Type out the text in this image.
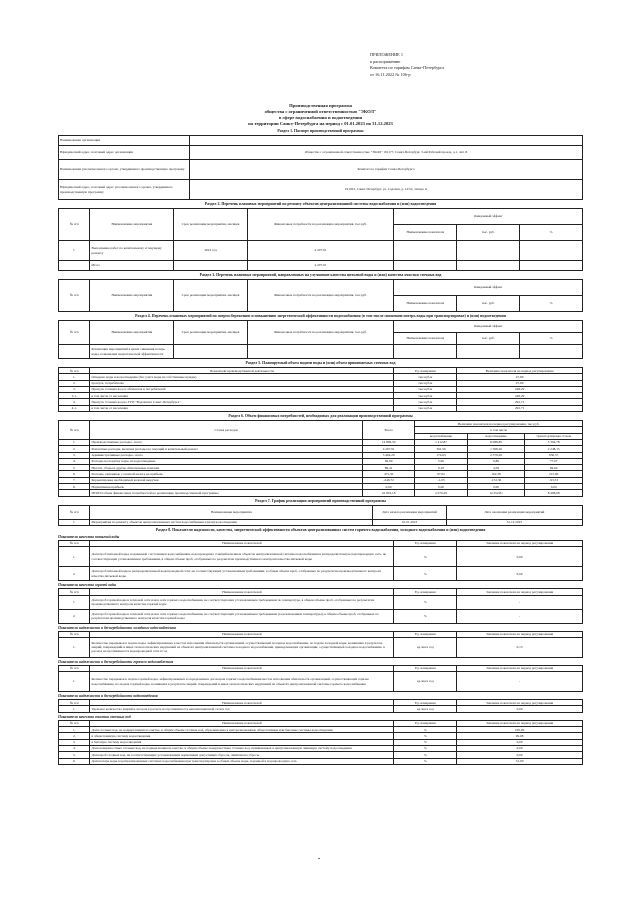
ПРИЛОЖЕНИЕ 1
к распоряжению
Комитета по тарифам Санкт-Петербурга
от 16.11.2022 № 106-р
Производственная программа
общества с ограниченной ответственностью "ЭКОЛ"
в сфере водоснабжения и водоотведения
на территории Санкт-Петербурга на период с 01.01.2023 по 31.12.2023
Раздел 1. Паспорт производственной программы
Наименование организации	
Юридический адрес, почтовый адрес организации	Общество с ограниченной ответственностью "ЭКОЛ" 191177, Санкт-Петербург, 3-ий Рабочий проезд, д.1, лит. Б
Наименование уполномоченного органа, утвердившего производственную программу	Комитет по тарифам Санкт-Петербурга
Юридический адрес, почтовый адрес уполномоченного органа, утвердившего производственную программу	191023, Санкт-Петербург, ул. Садовая, д. 14/52, литера А
Раздел 2. Перечень плановых мероприятий по ремонту объектов централизованной системы водоснабжения и (или) водоотведения
№ п/п	Наименование мероприятия	Срок реализации мероприятия, месяцев	Финансовые потребности на реализацию мероприятия, тыс.руб.	Ожидаемый эффект		
				Наименование показателя	тыс. руб.	%
1.	Выполнение работ по капитальному и текущему ремонту	2023 год	4 207,91			
	Итого		4 207,91			
Раздел 3. Перечень плановых мероприятий, направленных на улучшение качества питьевой воды и (или) качества очистки сточных вод
№ п/п	Наименование мероприятия	Срок реализации мероприятия, месяцев	Финансовые потребности на реализацию мероприятия, тыс.руб.	Ожидаемый эффект		
				Наименование показателя	тыс. руб.	%
Раздел 4. Перечень плановых мероприятий по энергосбережению и повышению энергетической эффективности водоснабжения (в том числе снижению потерь воды при транспортировке) и (или) водоотведения
№ п/п	Наименование мероприятия	Срок реализации мероприятия, месяцев	Финансовые потребности на реализацию мероприятия, тыс.руб.	Ожидаемый эффект		
				Наименование показателя	тыс. руб.	%
	Реализация мероприятий в целях снижения потерь воды, повышения энергетической эффективности					
Раздел 5. Планируемый объем подачи воды и (или) объем принимаемых сточных вод
№ п/п	Показатели производственной деятельности	Ед. измерения	Величина показателя на период регулирования
1.	Отведено воды и водоотведение (без учета воды на собственные нужды)	тыс.куб.м	47,69
2.	пропуск, потребителю	тыс.куб.м	47,69
3.	Пропуск сточных вод от абонентов и потребителей	тыс.куб.м	248,29
3.1.	в том числе от населения	тыс.куб.м	248,29
4.	Пропуск сточных вод на ГУП "Водоканал Санкт-Петербурга"	тыс.куб.м	292,71
4.1.	в том числе от населения	тыс.куб.м	292,71
Раздел 6. Объем финансовых потребностей, необходимых для реализации производственной программы
№ п/п	Статья расходов	Всего	Величина показателя на период регулирования, тыс.руб.		
			в том числе		
			водоснабжение	водоотведение	транспортировка стоков
1.	Производственные расходы - всего	14 806,50	1 412,87	8 088,85	5 304,78
2.	Ремонтные расходы, включая расходы на текущий и капитальный ремонт	4 207,91	391,56	1 568,20	2 248,15
3.	Административные расходы - всего	3 404,29	174,63	2 579,29	650,37
4.	Расходы на покупку воды, на водоотведение	82,99	5,06	0,86	77,07
5.	Налоги, сборы и другие обязательные платежи	89,41	0,18	4,59	84,64
6.	Расходы, связанные с оплатой налога на прибыль	475,30	97,02	162,38	215,90
7.	Корректировка необходимой валовой выручки	-246,72	-1,03	-152,36	-93,33
8.	Нормативная прибыль	0,00	0,00	0,00	0,00
	ИТОГО объем финансовых потребностей на реализацию производственной программы	22 819,18	2 070,29	12 252,81	8 496,08
Раздел 7. График реализации мероприятий производственной программы
№ п/п	Наименование мероприятия	Дата начала реализации мероприятий	Дата окончания реализации мероприятий
1.	Мероприятия по ремонту объектов централизованных систем водоснабжения и (или) водоотведения	01.01.2023	31.12.2023
Раздел 8. Показатели надежности, качества, энергетической эффективности объектов централизованных систем горячего водоснабжения, холодного водоснабжения и (или) водоотведения
Показатели качества питьевой воды
№ п/п	Наименование показателей	Ед. измерения	Значение показателя на период регулирования
1.	Доля проб питьевой воды, подаваемой с источников водоснабжения, водопроводных станций или иных объектов централизованной системы водоснабжения в распределительную водопроводную сеть, не соответствующих установленным требованиям, в общем объеме проб, отобранных по результатам производственного контроля качества питьевой воды	%	0,00
2.	Доля проб питьевой воды в распределительной водопроводной сети, не соответствующих установленным требованиям, в общем объеме проб, отобранных по результатам производственного контроля качества питьевой воды	%	0,00
Показатели качества горячей воды
№ п/п	Наименование показателей	Ед. измерения	Значение показателя на период регулирования
1.	Доля проб горячей воды в тепловой сети или в сети горячего водоснабжения, не соответствующих установленным требованиям по температуре, в общем объеме проб, отобранных по результатам производственного контроля качества горячей воды	%	-
2.	Доля проб горячей воды в тепловой сети или в сети горячего водоснабжения, не соответствующих установленным требованиям (за исключением температуры), в общем объеме проб, отобранных по результатам производственного контроля качества горячей воды	%	-
Показатели надежности и бесперебойности холодного водоснабжения
№ п/п	Наименование показателей	Ед. измерения	Значение показателя на период регулирования
1.	Количество перерывов в подаче воды, зафиксированных в местах исполнения обязательств организацией, осуществляющей холодное водоснабжение, по подаче холодной воды, возникших в результате аварий, повреждений и иных технологических нарушений на объектах централизованной системы холодного водоснабжения, принадлежащих организации, осуществляющей холодное водоснабжение, в расчете на протяженность водопроводной сети в год	ед./км в год	0,15
Показатели надежности и бесперебойности горячего водоснабжения
№ п/п	Наименование показателей	Ед. измерения	Значение показателя на период регулирования
1.	Количество перерывов в подаче горячей воды, зафиксированных в определенных договором горячего водоснабжения местах исполнения обязательств организацией, осуществляющей горячее водоснабжение, по подаче горячей воды, возникших в результате аварий, повреждений и иных технологических нарушений на объектах централизованной системы горячего водоснабжения	ед./км в год	-
Показатели надежности и бесперебойности водоотведения
№ п/п	Наименование показателей	Ед. измерения	Значение показателя на период регулирования
1.	Удельное количество аварий и засоров в расчете на протяженность канализационной сети в год	ед./км в год	0,00
Показатели качества очистки сточных вод
№ п/п	Наименование показателей	Ед. измерения	Значение показателя на период регулирования
1.	Доля сточных вод, не подвергающихся очистке, в общем объеме сточных вод, сбрасываемых в централизованные общесплавные или бытовые системы водоотведения	%	100,00
2.	в общесплавную систему водоотведения	%	99,98
3.	в бытовую систему водоотведения	%	0,00
4.	Доля поверхностных сточных вод, не подвергающихся очистке, в общем объеме поверхностных сточных вод, принимаемых в централизованную ливневую систему водоотведения	%	0,00
5.	Доля проб сточных вод, не соответствующих установленным нормативам допустимых сбросов, лимитам на сбросы	%	0,00
6.	Доля потерь воды в централизованных системах водоснабжения при транспортировке в общем объеме воды, поданной в водопроводную сеть	%	31,00
